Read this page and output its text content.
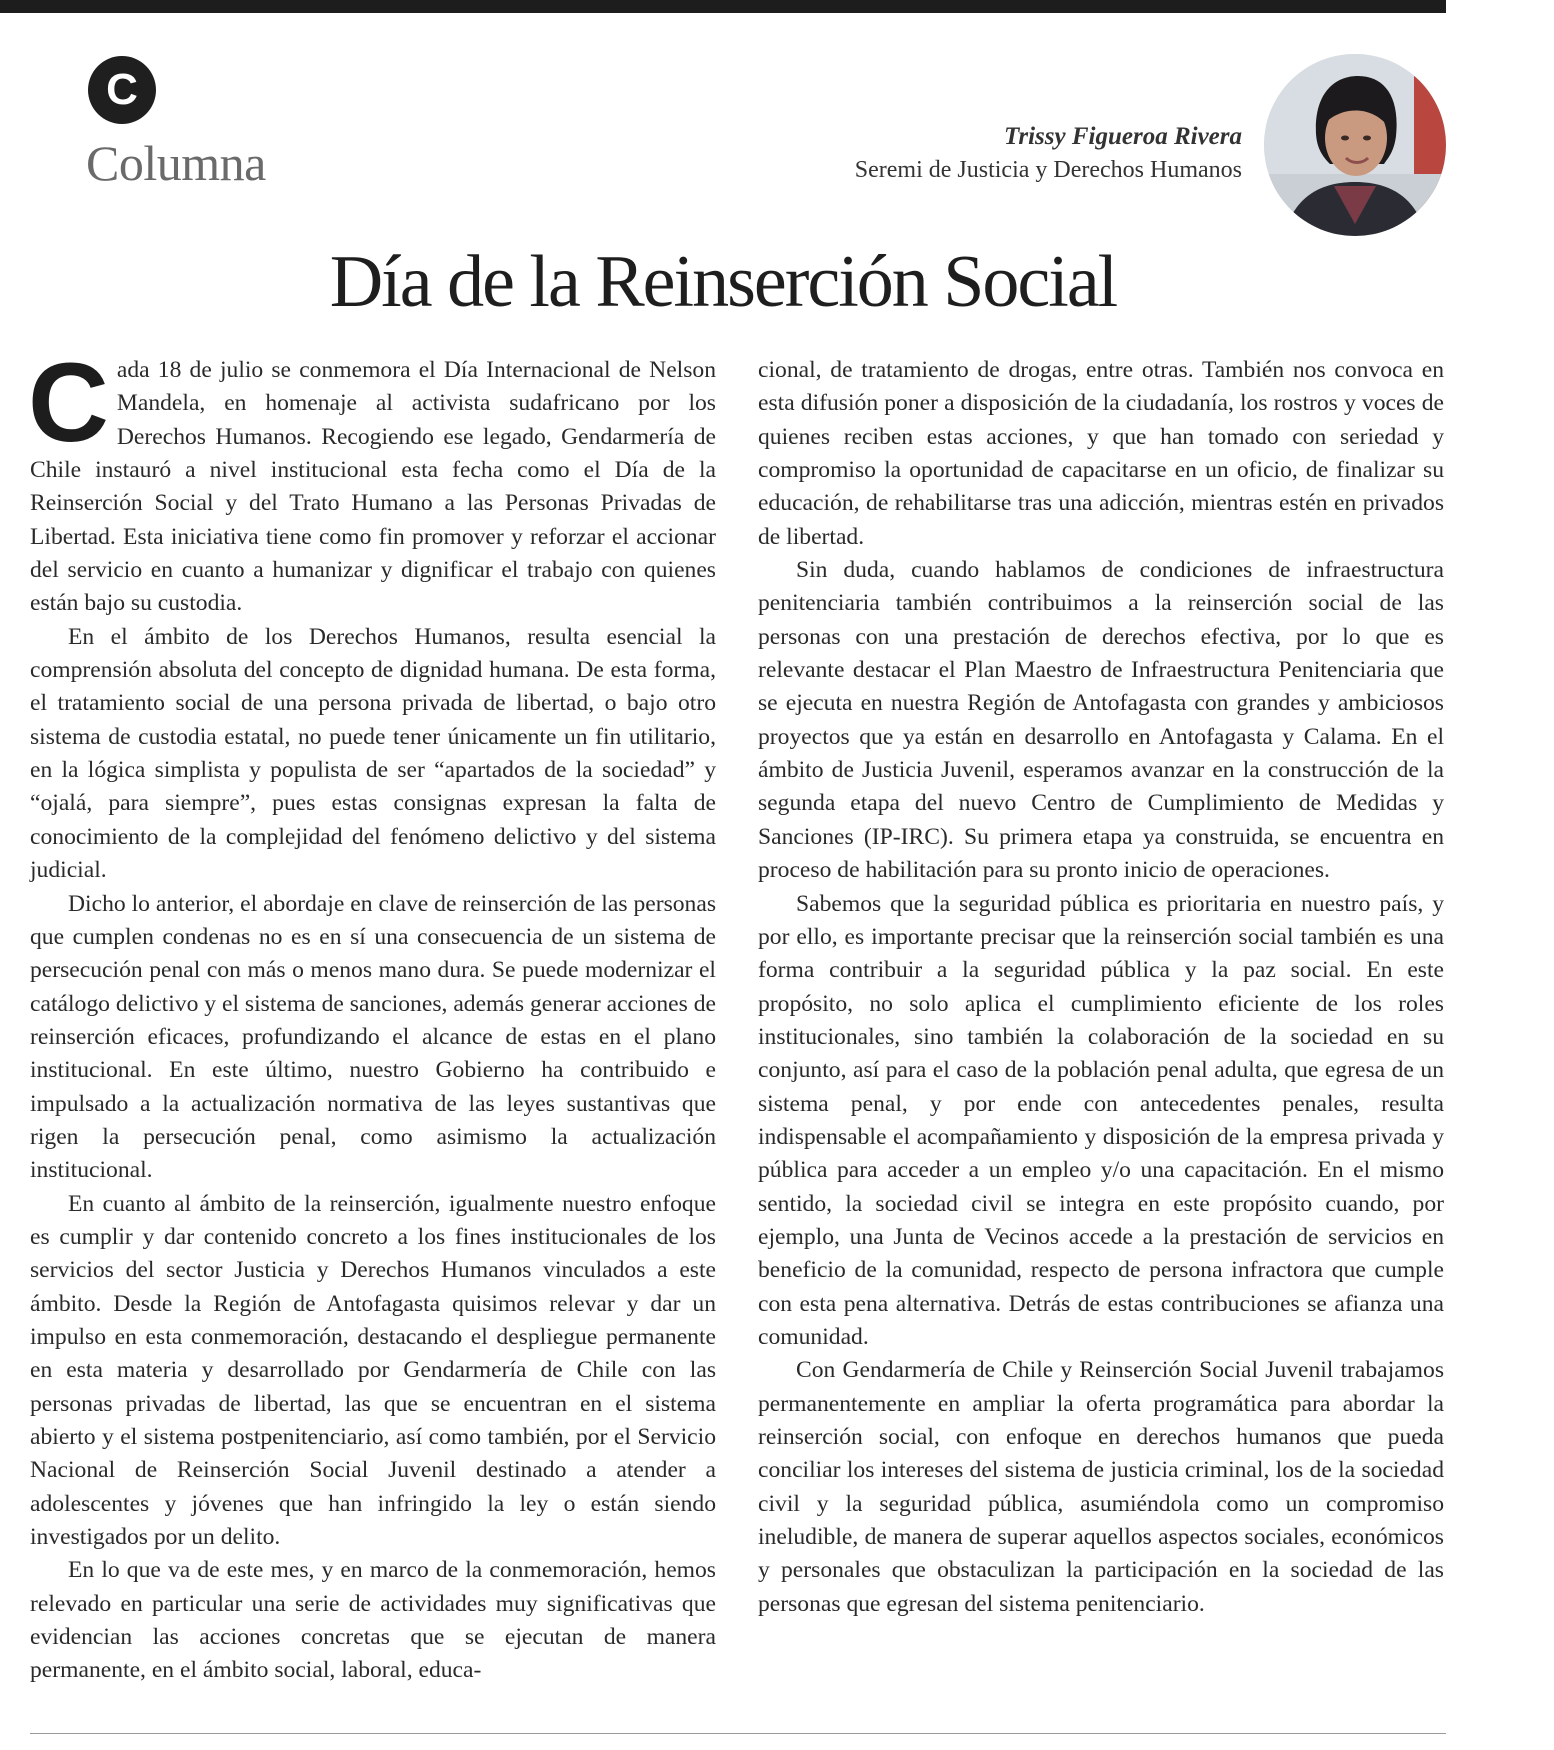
C
Columna	Trissy Figueroa Rivera
Seremi de Justicia y Derechos Humanos
Día de la Reinserción Social

Cada 18 de julio se conmemora el Día Internacional de Nelson Mandela, en homenaje al activista sudafricano por los Derechos Humanos. Recogiendo ese legado, Gendarmería de Chile instauró a nivel institucional esta fecha como el Día de la Reinserción Social y del Trato Humano a las Personas Privadas de Libertad. Esta iniciativa tiene como fin promover y reforzar el accionar del servicio en cuanto a humanizar y dignificar el trabajo con quienes están bajo su custodia.

En el ámbito de los Derechos Humanos, resulta esencial la comprensión absoluta del concepto de dignidad humana. De esta forma, el tratamiento social de una persona privada de libertad, o bajo otro sistema de custodia estatal, no puede tener únicamente un fin utilitario, en la lógica simplista y populista de ser “apartados de la sociedad” y “ojalá, para siempre”, pues estas consignas expresan la falta de conocimiento de la complejidad del fenómeno delictivo y del sistema judicial.

Dicho lo anterior, el abordaje en clave de reinserción de las personas que cumplen condenas no es en sí una consecuencia de un sistema de persecución penal con más o menos mano dura. Se puede modernizar el catálogo delictivo y el sistema de sanciones, además generar acciones de reinserción eficaces, profundizando el alcance de estas en el plano institucional. En este último, nuestro Gobierno ha contribuido e impulsado a la actualización normativa de las leyes sustantivas que rigen la persecución penal, como asimismo la actualización institucional.

En cuanto al ámbito de la reinserción, igualmente nuestro enfoque es cumplir y dar contenido concreto a los fines institucionales de los servicios del sector Justicia y Derechos Humanos vinculados a este ámbito. Desde la Región de Antofagasta quisimos relevar y dar un impulso en esta conmemoración, destacando el despliegue permanente en esta materia y desarrollado por Gendarmería de Chile con las personas privadas de libertad, las que se encuentran en el sistema abierto y el sistema postpenitenciario, así como también, por el Servicio Nacional de Reinserción Social Juvenil destinado a atender a adolescentes y jóvenes que han infringido la ley o están siendo investigados por un delito.

En lo que va de este mes, y en marco de la conmemoración, hemos relevado en particular una serie de actividades muy significativas que evidencian las acciones concretas que se ejecutan de manera permanente, en el ámbito social, laboral, educa-

cional, de tratamiento de drogas, entre otras. También nos convoca en esta difusión poner a disposición de la ciudadanía, los rostros y voces de quienes reciben estas acciones, y que han tomado con seriedad y compromiso la oportunidad de capacitarse en un oficio, de finalizar su educación, de rehabilitarse tras una adicción, mientras estén en privados de libertad.

Sin duda, cuando hablamos de condiciones de infraestructura penitenciaria también contribuimos a la reinserción social de las personas con una prestación de derechos efectiva, por lo que es relevante destacar el Plan Maestro de Infraestructura Penitenciaria que se ejecuta en nuestra Región de Antofagasta con grandes y ambiciosos proyectos que ya están en desarrollo en Antofagasta y Calama. En el ámbito de Justicia Juvenil, esperamos avanzar en la construcción de la segunda etapa del nuevo Centro de Cumplimiento de Medidas y Sanciones (IP-IRC). Su primera etapa ya construida, se encuentra en proceso de habilitación para su pronto inicio de operaciones.

Sabemos que la seguridad pública es prioritaria en nuestro país, y por ello, es importante precisar que la reinserción social también es una forma contribuir a la seguridad pública y la paz social. En este propósito, no solo aplica el cumplimiento eficiente de los roles institucionales, sino también la colaboración de la sociedad en su conjunto, así para el caso de la población penal adulta, que egresa de un sistema penal, y por ende con antecedentes penales, resulta indispensable el acompañamiento y disposición de la empresa privada y pública para acceder a un empleo y/o una capacitación. En el mismo sentido, la sociedad civil se integra en este propósito cuando, por ejemplo, una Junta de Vecinos accede a la prestación de servicios en beneficio de la comunidad, respecto de persona infractora que cumple con esta pena alternativa. Detrás de estas contribuciones se afianza una comunidad.

Con Gendarmería de Chile y Reinserción Social Juvenil trabajamos permanentemente en ampliar la oferta programática para abordar la reinserción social, con enfoque en derechos humanos que pueda conciliar los intereses del sistema de justicia criminal, los de la sociedad civil y la seguridad pública, asumiéndola como un compromiso ineludible, de manera de superar aquellos aspectos sociales, económicos y personales que obstaculizan la participación en la sociedad de las personas que egresan del sistema penitenciario.
